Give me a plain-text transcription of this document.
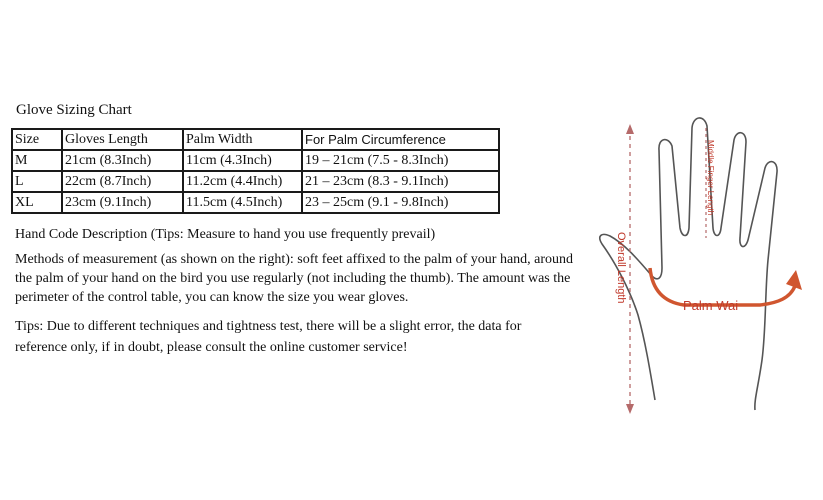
Glove Sizing Chart
Size	Gloves Length	Palm Width	For Palm Circumference
M	21cm (8.3Inch)	11cm (4.3Inch)	19 – 21cm (7.5 - 8.3Inch)
L	22cm (8.7Inch)	11.2cm (4.4Inch)	21 – 23cm (8.3 - 9.1Inch)
XL	23cm (9.1Inch)	11.5cm (4.5Inch)	23 – 25cm (9.1 - 9.8Inch)
Hand Code Description (Tips: Measure to hand you use frequently prevail)
Methods of measurement (as shown on the right): soft feet affixed to the palm of your hand, around the palm of your hand on the bird you use regularly (not including the thumb). The amount was the perimeter of the control table, you can know the size you wear gloves.
Tips: Due to different techniques and tightness test, there will be a slight error, the data for reference only, if in doubt, please consult the online customer service!
Middle Finger Length
Overall Length
Palm Wai
